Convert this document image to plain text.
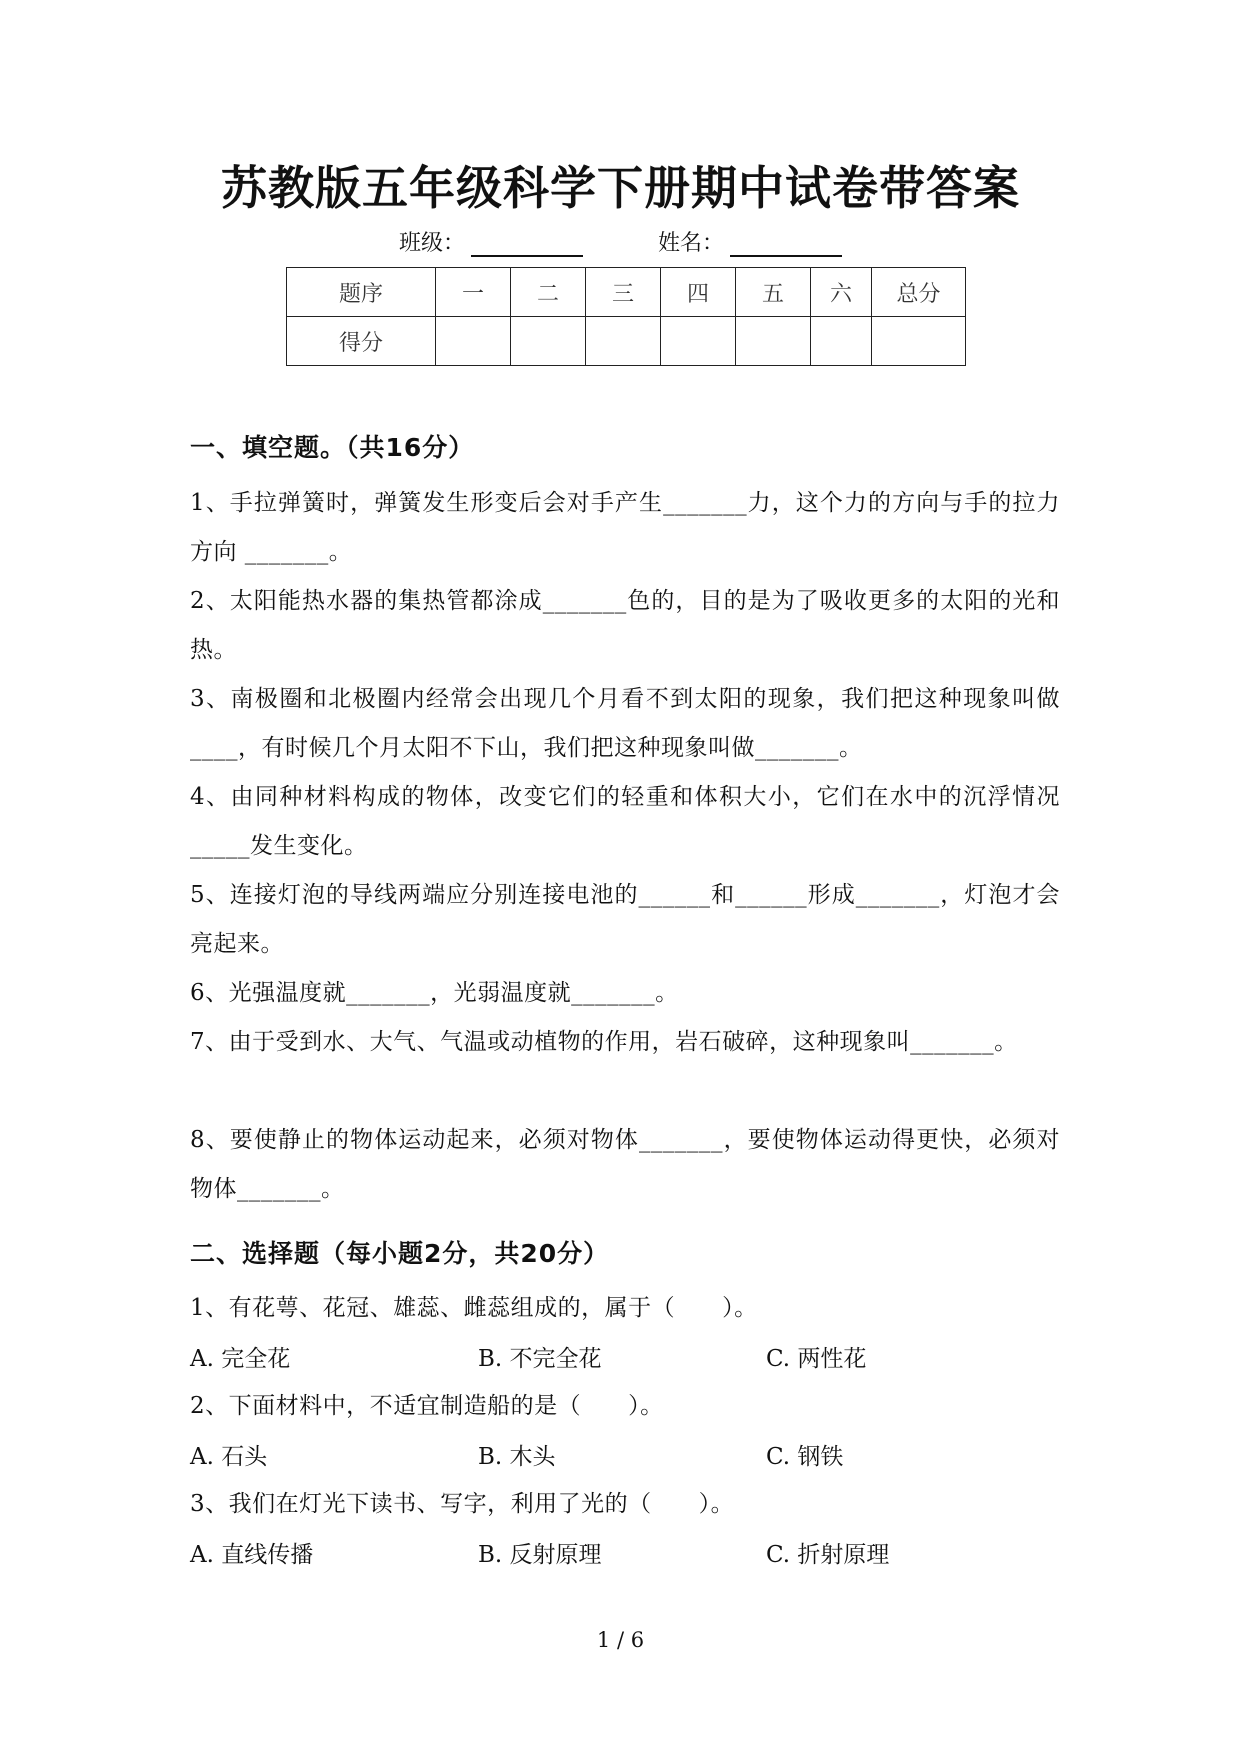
苏教版五年级科学下册期中试卷带答案
班级：	姓名：
题序	一	二	三	四	五	六	总分
得分							
一、填空题。（共16分）
1、手拉弹簧时，弹簧发生形变后会对手产生_______力，这个力的方向与手的拉力方向 _______。
2、太阳能热水器的集热管都涂成_______色的，目的是为了吸收更多的太阳的光和热。
3、南极圈和北极圈内经常会出现几个月看不到太阳的现象，我们把这种现象叫做____，有时候几个月太阳不下山，我们把这种现象叫做_______。
4、由同种材料构成的物体，改变它们的轻重和体积大小，它们在水中的沉浮情况_____发生变化。
5、连接灯泡的导线两端应分别连接电池的______和______形成_______，灯泡才会亮起来。
6、光强温度就_______，光弱温度就_______。
7、由于受到水、大气、气温或动植物的作用，岩石破碎，这种现象叫_______。
8、要使静止的物体运动起来，必须对物体_______，要使物体运动得更快，必须对物体_______。
二、选择题（每小题2分，共20分）
1、有花萼、花冠、雄蕊、雌蕊组成的，属于（　　）。
A. 完全花	B. 不完全花	C. 两性花
2、下面材料中，不适宜制造船的是（　　）。
A. 石头	B. 木头	C. 钢铁
3、我们在灯光下读书、写字，利用了光的（　　）。
A. 直线传播	B. 反射原理	C. 折射原理
1 / 6
